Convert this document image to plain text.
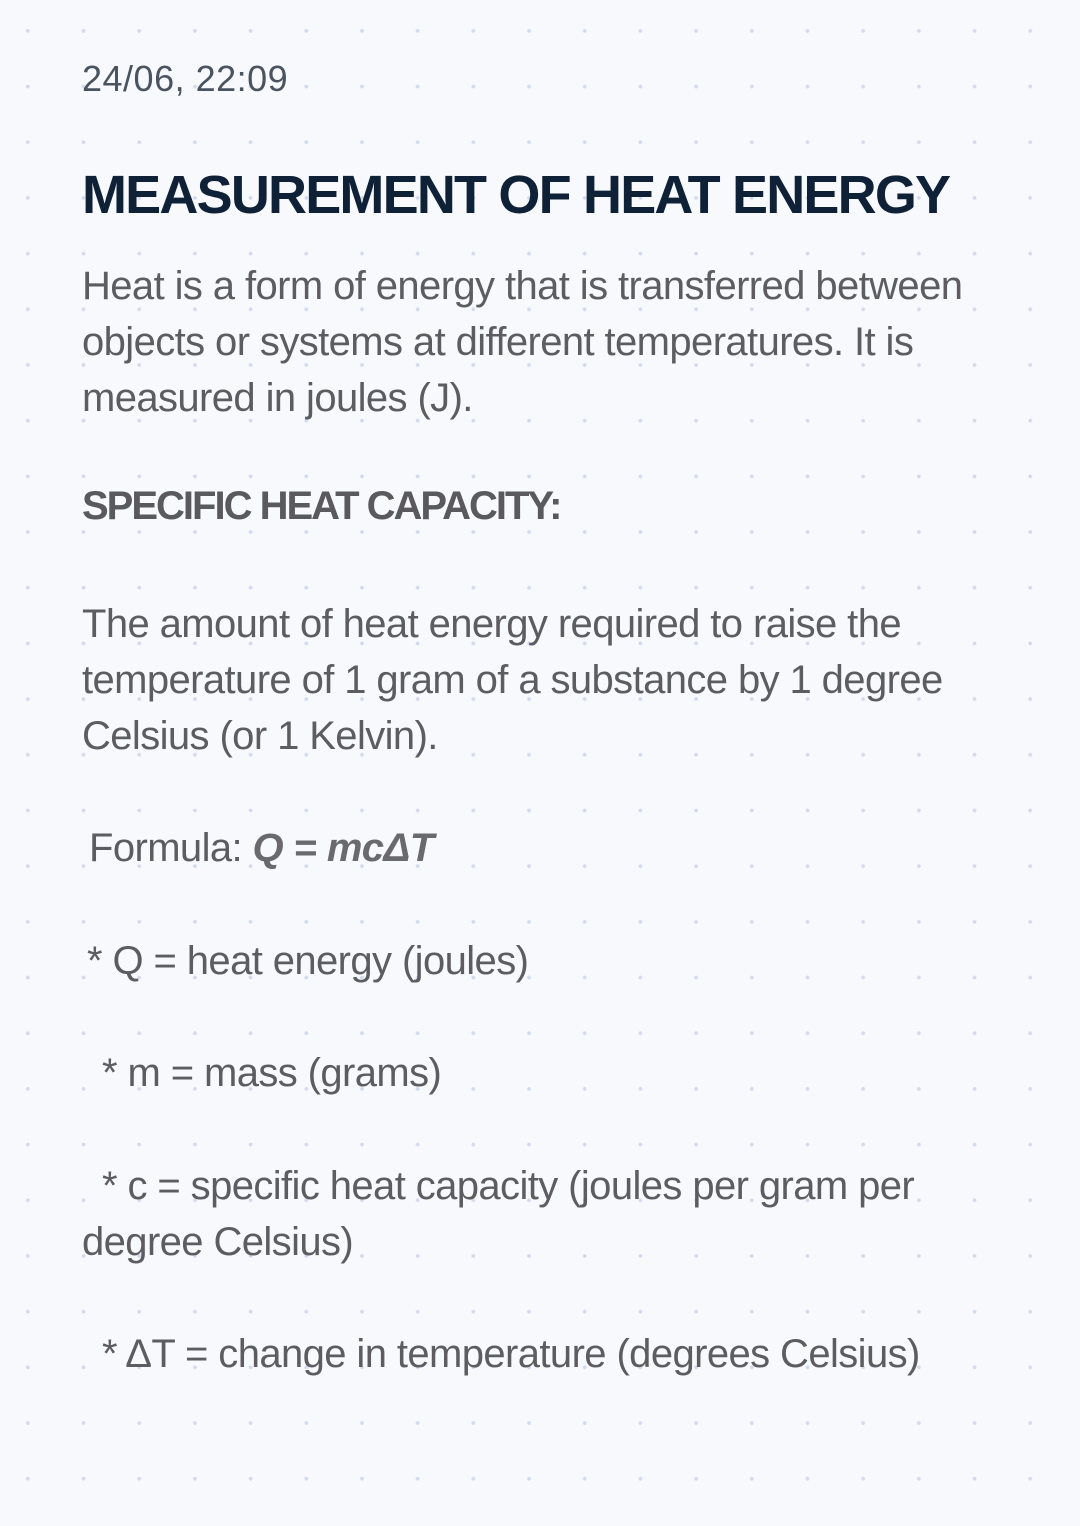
24/06, 22:09
MEASUREMENT OF HEAT ENERGY

Heat is a form of energy that is transferred between objects or systems at different temperatures. It is measured in joules (J).

SPECIFIC HEAT CAPACITY:

The amount of heat energy required to raise the temperature of 1 gram of a substance by 1 degree Celsius (or 1 Kelvin).

Formula: Q = mcΔT

* Q = heat energy (joules)

* m = mass (grams)

* c = specific heat capacity (joules per gram per degree Celsius)

* ΔT = change in temperature (degrees Celsius)
